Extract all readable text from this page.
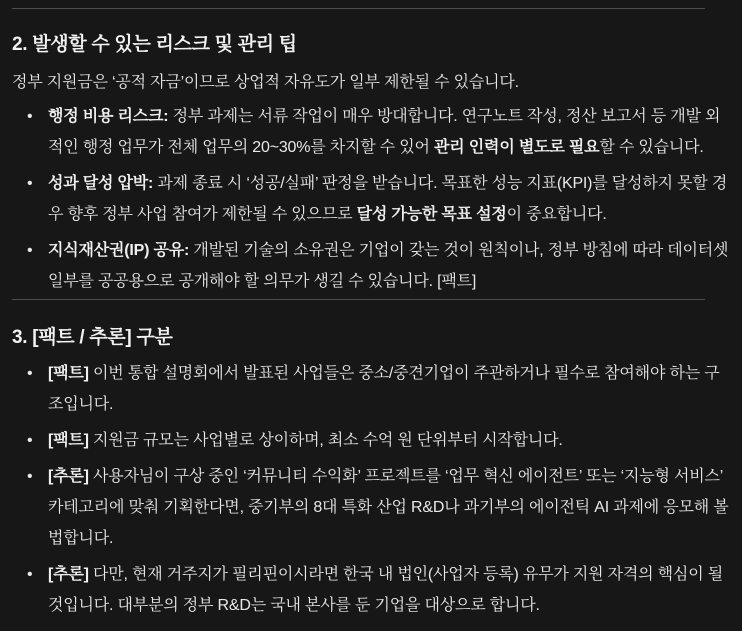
2. 발생할 수 있는 리스크 및 관리 팁

정부 지원금은 ‘공적 자금’이므로 상업적 자유도가 일부 제한될 수 있습니다.

• 행정 비용 리스크: 정부 과제는 서류 작업이 매우 방대합니다. 연구노트 작성, 정산 보고서 등 개발 외적인 행정 업무가 전체 업무의 20~30%를 차지할 수 있어 관리 인력이 별도로 필요할 수 있습니다.
• 성과 달성 압박: 과제 종료 시 ‘성공/실패’ 판정을 받습니다. 목표한 성능 지표(KPI)를 달성하지 못할 경우 향후 정부 사업 참여가 제한될 수 있으므로 달성 가능한 목표 설정이 중요합니다.
• 지식재산권(IP) 공유: 개발된 기술의 소유권은 기업이 갖는 것이 원칙이나, 정부 방침에 따라 데이터셋 일부를 공공용으로 공개해야 할 의무가 생길 수 있습니다. [팩트]
3. [팩트 / 추론] 구분
• [팩트] 이번 통합 설명회에서 발표된 사업들은 중소/중견기업이 주관하거나 필수로 참여해야 하는 구조입니다.
• [팩트] 지원금 규모는 사업별로 상이하며, 최소 수억 원 단위부터 시작합니다.
• [추론] 사용자님이 구상 중인 ‘커뮤니티 수익화’ 프로젝트를 ‘업무 혁신 에이전트’ 또는 ‘지능형 서비스’ 카테고리에 맞춰 기획한다면, 중기부의 8대 특화 산업 R&D나 과기부의 에이전틱 AI 과제에 응모해 볼 법합니다.
• [추론] 다만, 현재 거주지가 필리핀이시라면 한국 내 법인(사업자 등록) 유무가 지원 자격의 핵심이 될 것입니다. 대부분의 정부 R&D는 국내 본사를 둔 기업을 대상으로 합니다.
